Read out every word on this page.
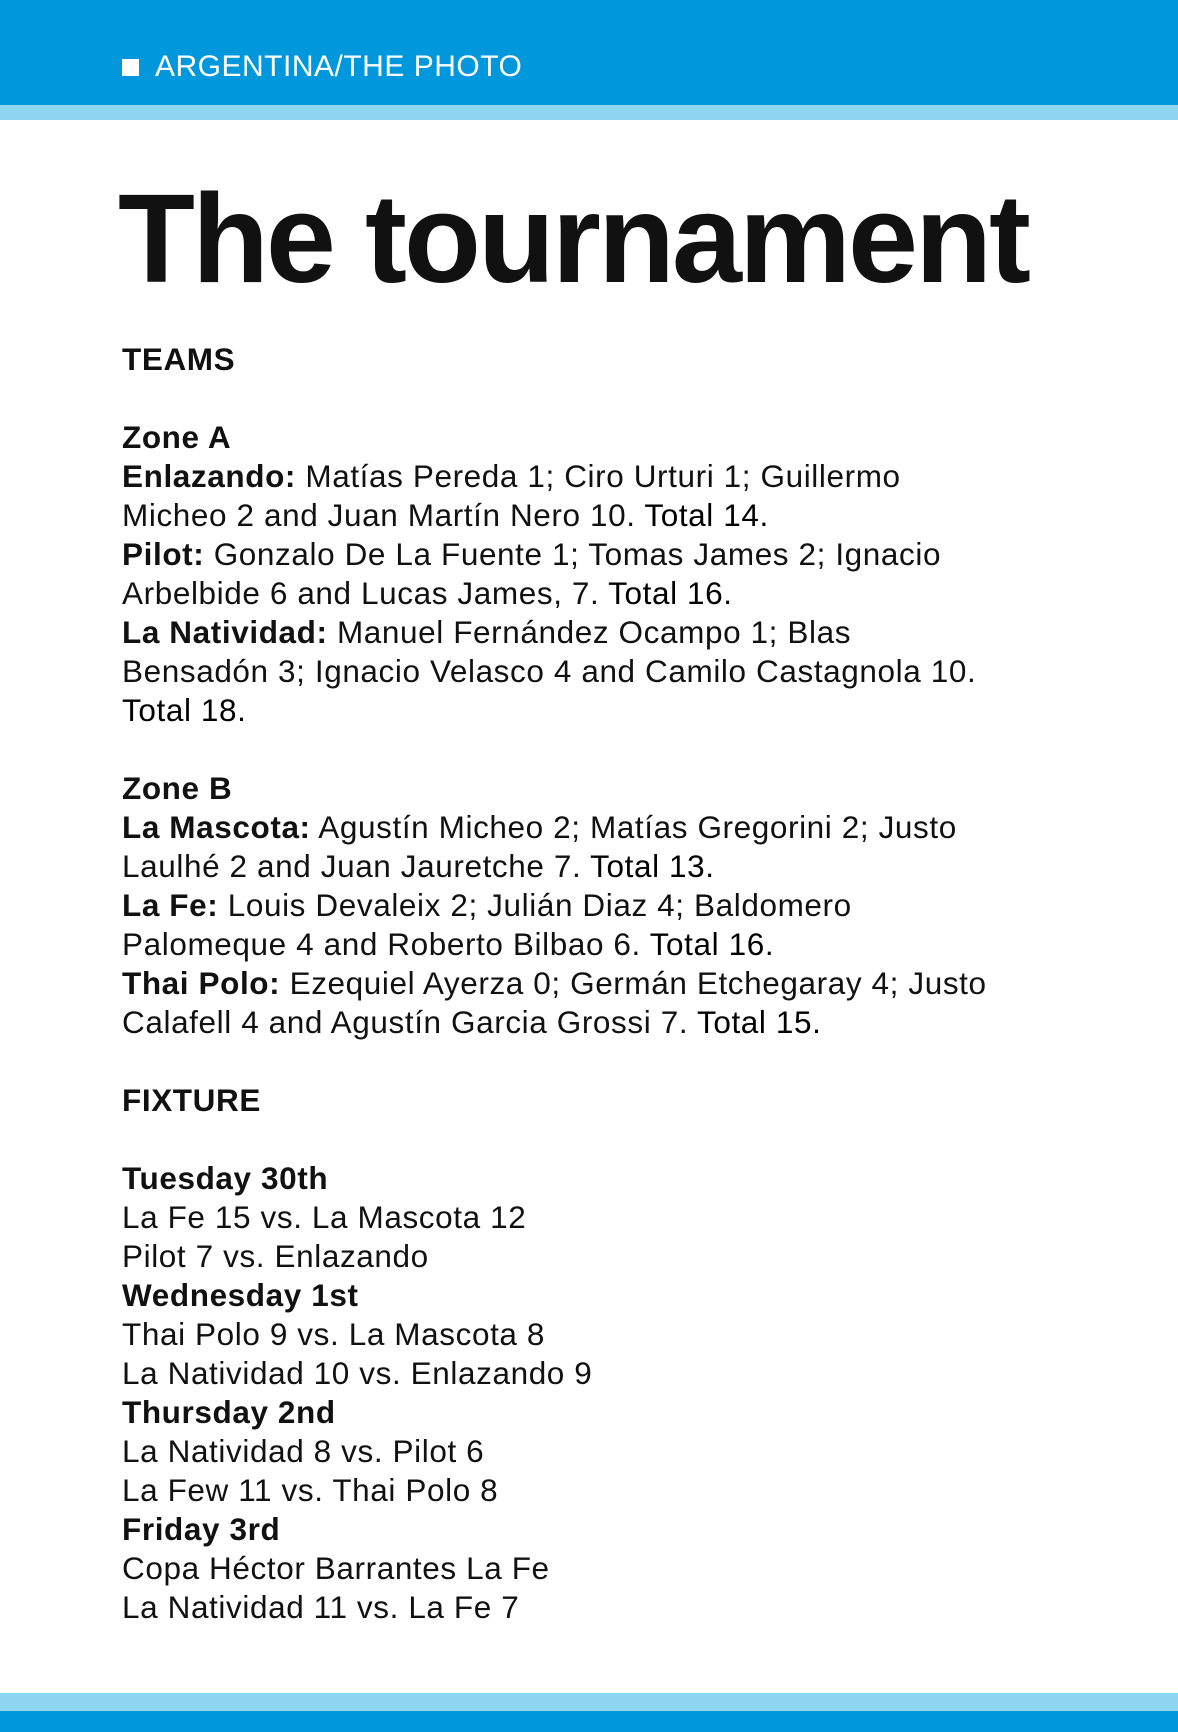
ARGENTINA/THE PHOTO
The tournament
TEAMS
Zone A
Enlazando: Matías Pereda 1; Ciro Urturi 1; Guillermo
Micheo 2 and Juan Martín Nero 10. Total 14.
Pilot: Gonzalo De La Fuente 1; Tomas James 2; Ignacio
Arbelbide 6 and Lucas James, 7. Total 16.
La Natividad: Manuel Fernández Ocampo 1; Blas
Bensadón 3; Ignacio Velasco 4 and Camilo Castagnola 10.
Total 18.
Zone B
La Mascota: Agustín Micheo 2; Matías Gregorini 2; Justo
Laulhé 2 and Juan Jauretche 7. Total 13.
La Fe: Louis Devaleix 2; Julián Diaz 4; Baldomero
Palomeque 4 and Roberto Bilbao 6. Total 16.
Thai Polo: Ezequiel Ayerza 0; Germán Etchegaray 4; Justo
Calafell 4 and Agustín Garcia Grossi 7. Total 15.
FIXTURE
Tuesday 30th
La Fe 15 vs. La Mascota 12
Pilot 7 vs. Enlazando
Wednesday 1st
Thai Polo 9 vs. La Mascota 8
La Natividad 10 vs. Enlazando 9
Thursday 2nd
La Natividad 8 vs. Pilot 6
La Few 11 vs. Thai Polo 8
Friday 3rd
Copa Héctor Barrantes La Fe
La Natividad 11 vs. La Fe 7
